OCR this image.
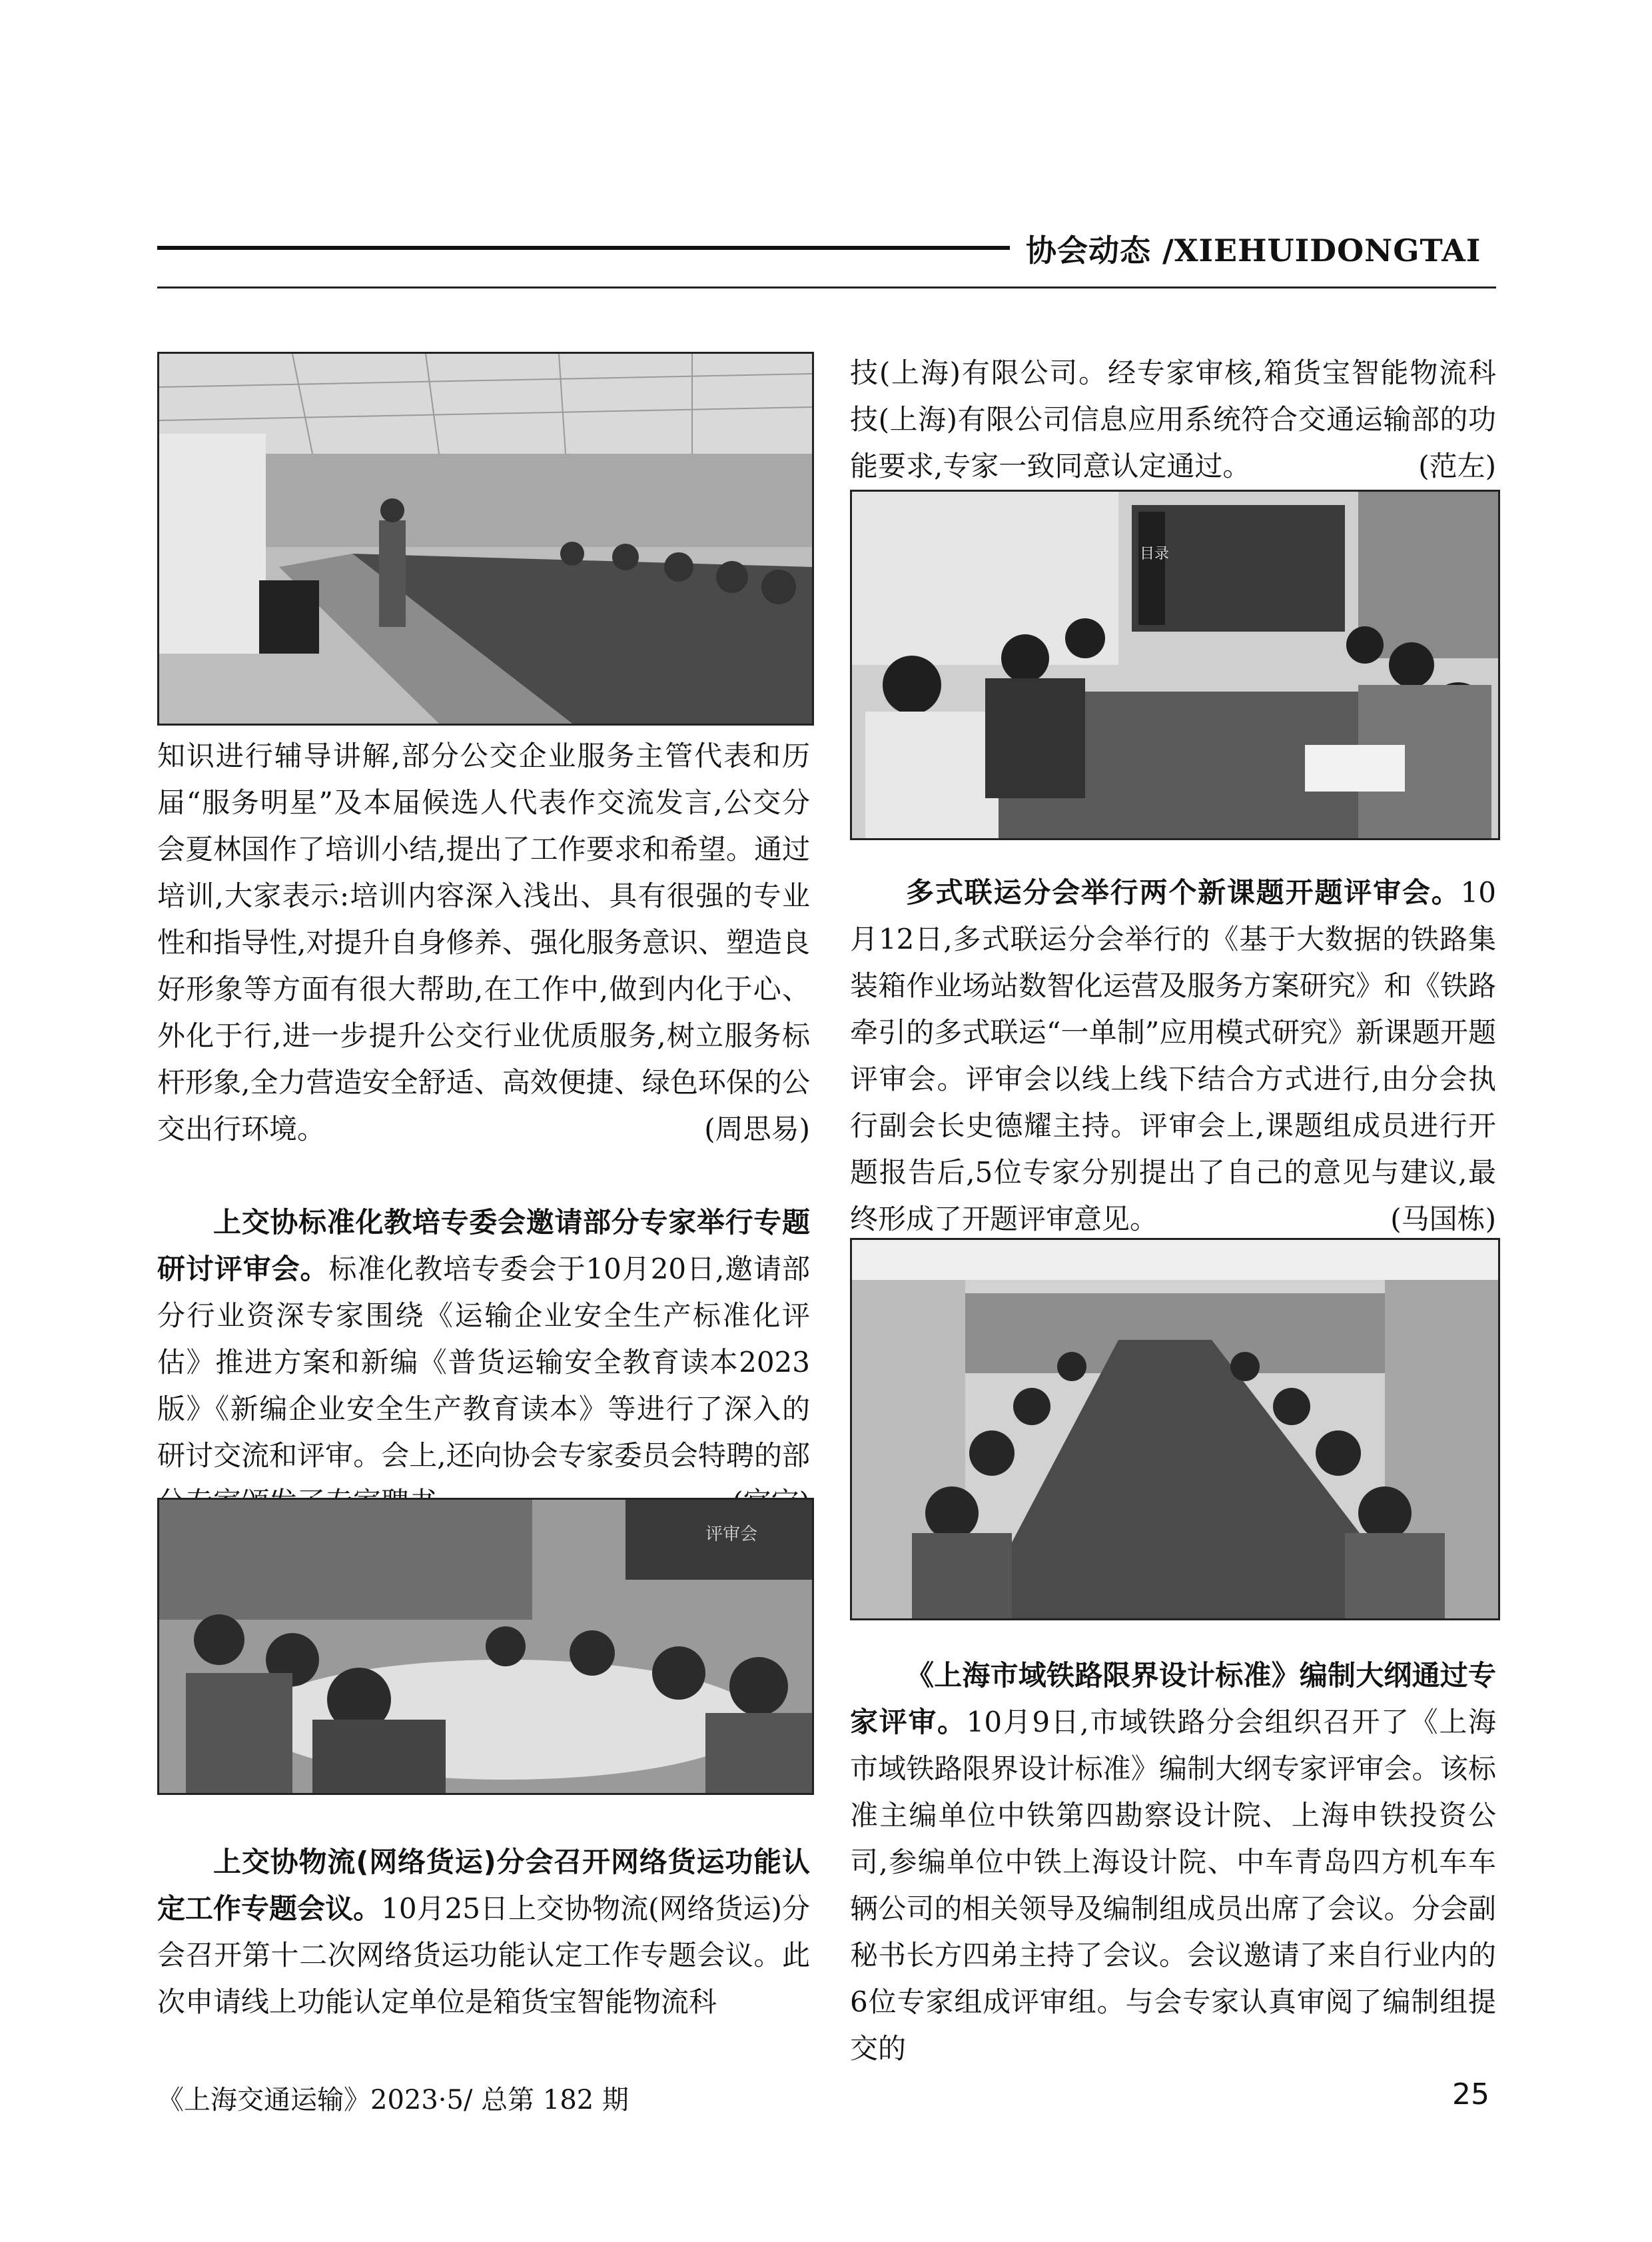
协会动态 /XIEHUIDONGTAI

知识进行辅导讲解,部分公交企业服务主管代表和历届“服务明星”及本届候选人代表作交流发言,公交分会夏林国作了培训小结,提出了工作要求和希望。通过培训,大家表示:培训内容深入浅出、具有很强的专业性和指导性,对提升自身修养、强化服务意识、塑造良好形象等方面有很大帮助,在工作中,做到内化于心、外化于行,进一步提升公交行业优质服务,树立服务标杆形象,全力营造安全舒适、高效便捷、绿色环保的公交出行环境。	(周思易)

上交协标准化教培专委会邀请部分专家举行专题研讨评审会。标准化教培专委会于10月20日,邀请部分行业资深专家围绕《运输企业安全生产标准化评估》推进方案和新编《普货运输安全教育读本2023版》《新编企业安全生产教育读本》等进行了深入的研讨交流和评审。会上,还向协会专家委员会特聘的部

评审会

上交协物流(网络货运)分会召开网络货运功能认定工作专题会议。10月25日上交协物流(网络货运)分会召开第十二次网络货运功能认定工作专题会议。此次申请线上功能认定单位是箱货宝智能物流科

技(上海)有限公司。经专家审核,箱货宝智能物流科技(上海)有限公司信息应用系统符合交通运输部的功能要求,专家一致同意认定通过。	(范左)

目录

多式联运分会举行两个新课题开题评审会。10月12日,多式联运分会举行的《基于大数据的铁路集装箱作业场站数智化运营及服务方案研究》和《铁路牵引的多式联运“一单制”应用模式研究》新课题开题评审会。评审会以线上线下结合方式进行,由分会执行副会长史德耀主持。评审会上,课题组成员进行开题报告后,5位专家分别提出了自己的意见与建议,最终形成了开题评审意见。	(马国栋)

《上海市域铁路限界设计标准》编制大纲通过专家评审。10月9日,市域铁路分会组织召开了《上海市域铁路限界设计标准》编制大纲专家评审会。该标准主编单位中铁第四勘察设计院、上海申铁投资公司,参编单位中铁上海设计院、中车青岛四方机车车辆公司的相关领导及编制组成员出席了会议。分会副秘书长方四弟主持了会议。会议邀请了来自行业内的6位专家组成评审组。与会专家认真审阅了编制组提交的

《上海交通运输》2023·5/ 总第 182 期	25
